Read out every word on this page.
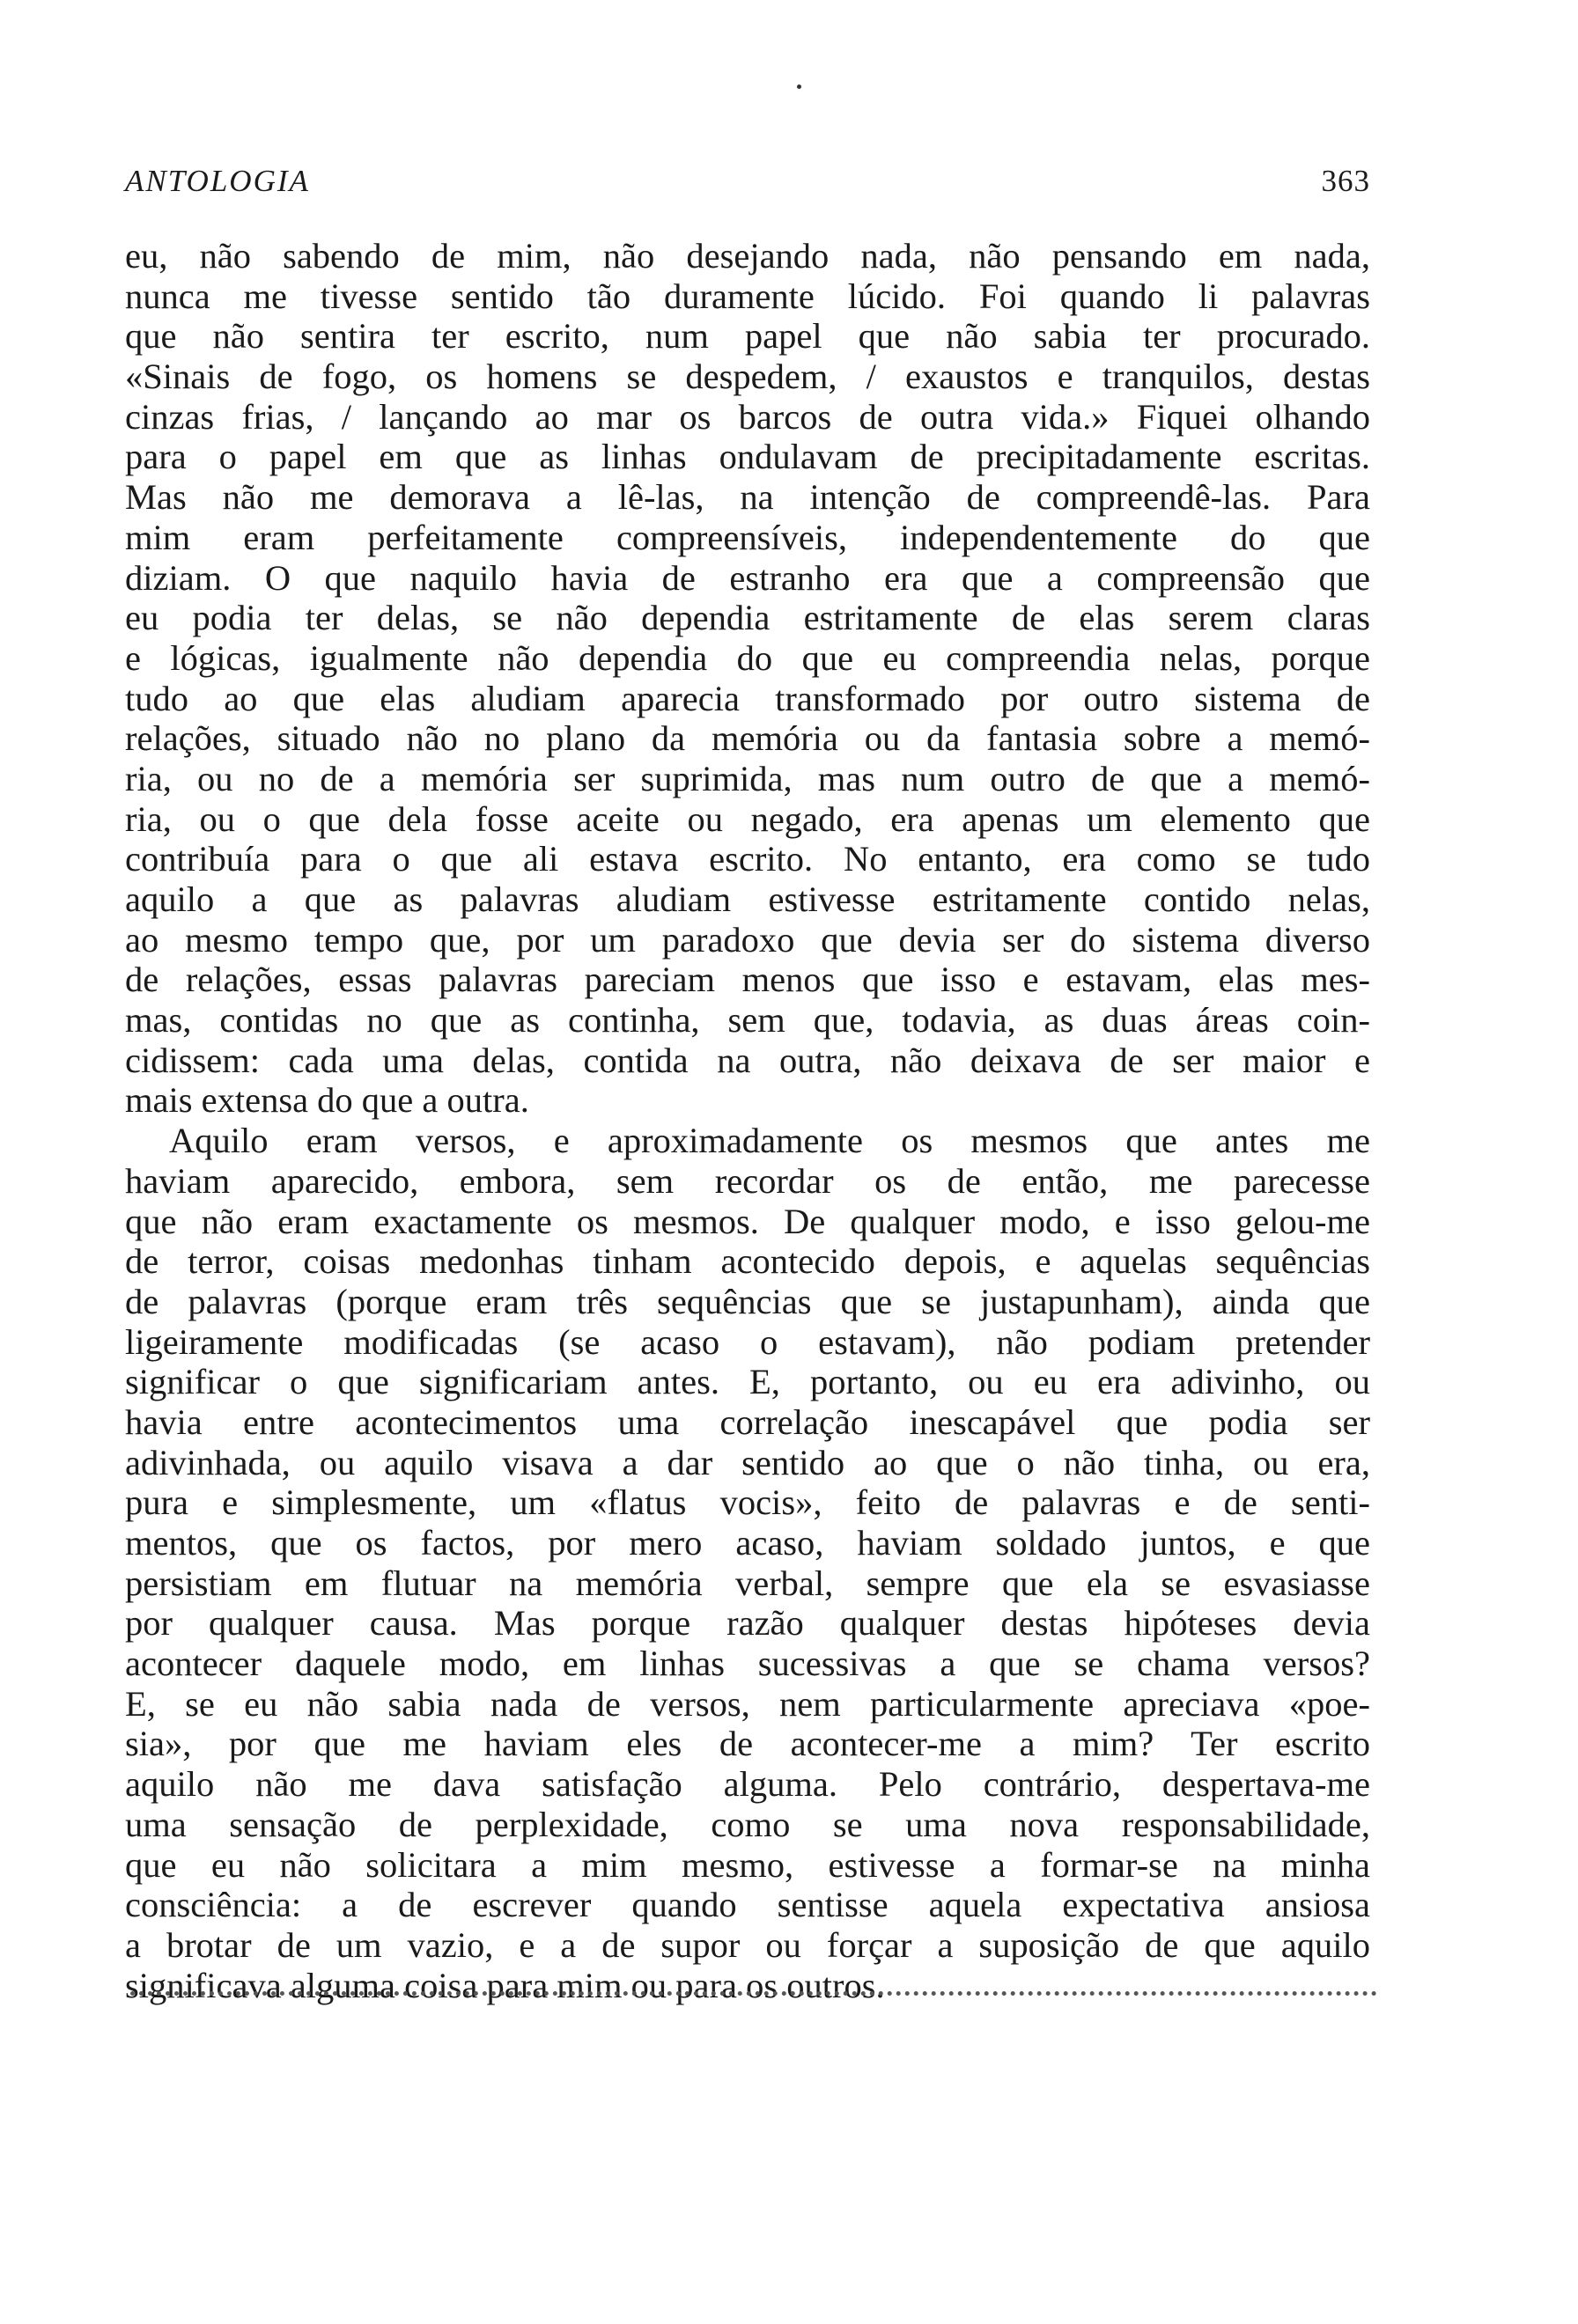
ANTOLOGIA	363
eu, não sabendo de mim, não desejando nada, não pensando em nada,
nunca me tivesse sentido tão duramente lúcido. Foi quando li palavras
que não sentira ter escrito, num papel que não sabia ter procurado.
«Sinais de fogo, os homens se despedem, / exaustos e tranquilos, destas
cinzas frias, / lançando ao mar os barcos de outra vida.» Fiquei olhando
para o papel em que as linhas ondulavam de precipitadamente escritas.
Mas não me demorava a lê-las, na intenção de compreendê-las. Para
mim eram perfeitamente compreensíveis, independentemente do que
diziam. O que naquilo havia de estranho era que a compreensão que
eu podia ter delas, se não dependia estritamente de elas serem claras
e lógicas, igualmente não dependia do que eu compreendia nelas, porque
tudo ao que elas aludiam aparecia transformado por outro sistema de
relações, situado não no plano da memória ou da fantasia sobre a memó-
ria, ou no de a memória ser suprimida, mas num outro de que a memó-
ria, ou o que dela fosse aceite ou negado, era apenas um elemento que
contribuía para o que ali estava escrito. No entanto, era como se tudo
aquilo a que as palavras aludiam estivesse estritamente contido nelas,
ao mesmo tempo que, por um paradoxo que devia ser do sistema diverso
de relações, essas palavras pareciam menos que isso e estavam, elas mes-
mas, contidas no que as continha, sem que, todavia, as duas áreas coin-
cidissem: cada uma delas, contida na outra, não deixava de ser maior e
mais extensa do que a outra.
Aquilo eram versos, e aproximadamente os mesmos que antes me
haviam aparecido, embora, sem recordar os de então, me parecesse
que não eram exactamente os mesmos. De qualquer modo, e isso gelou-me
de terror, coisas medonhas tinham acontecido depois, e aquelas sequências
de palavras (porque eram três sequências que se justapunham), ainda que
ligeiramente modificadas (se acaso o estavam), não podiam pretender
significar o que significariam antes. E, portanto, ou eu era adivinho, ou
havia entre acontecimentos uma correlação inescapável que podia ser
adivinhada, ou aquilo visava a dar sentido ao que o não tinha, ou era,
pura e simplesmente, um «flatus vocis», feito de palavras e de senti-
mentos, que os factos, por mero acaso, haviam soldado juntos, e que
persistiam em flutuar na memória verbal, sempre que ela se esvasiasse
por qualquer causa. Mas porque razão qualquer destas hipóteses devia
acontecer daquele modo, em linhas sucessivas a que se chama versos?
E, se eu não sabia nada de versos, nem particularmente apreciava «poe-
sia», por que me haviam eles de acontecer-me a mim? Ter escrito
aquilo não me dava satisfação alguma. Pelo contrário, despertava-me
uma sensação de perplexidade, como se uma nova responsabilidade,
que eu não solicitara a mim mesmo, estivesse a formar-se na minha
consciência: a de escrever quando sentisse aquela expectativa ansiosa
a brotar de um vazio, e a de supor ou forçar a suposição de que aquilo
significava alguma coisa para mim ou para os outros.
